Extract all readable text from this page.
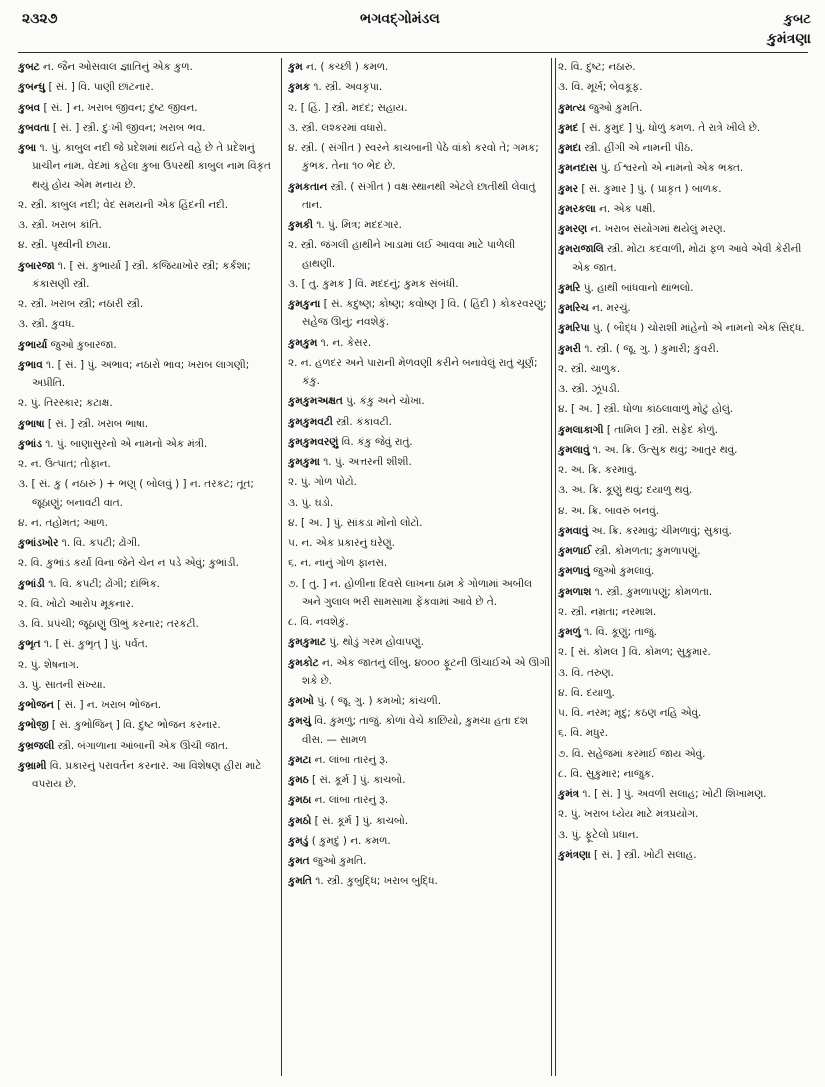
૨૩૨૭	ભગવદ્ગોમંડલ	કુબટ
કુમંત્રણા
કુબટ ન. જૈન ઓસવાલ જ્ઞાતિનું એક કુળ.
કુબન્ધુ [ સં. ] વિ. પાણી છાંટનાર.
કુબવ [ સં. ] ન. ખરાબ જીવન; દુષ્ટ જીવન.
કુબવતા [ સં. ] સ્ત્રી. દુઃખી જીવન; ખરાબ ભવ.
કુબા ૧. પું. કાબુલ નદી જે પ્રદેશમાં થઈને વહે છે તે પ્રદેશનું પ્રાચીન નામ. વેદમાં કહેલા કુબા ઉપરથી કાબુલ નામ વિકૃત થયું હોય એમ મનાય છે.
૨. સ્ત્રી. કાબુલ નદી; વેદ સમયની એક હિંદની નદી.
૩. સ્ત્રી. ખરાબ કાંતિ.
૪. સ્ત્રી. પૃથ્વીની છાયા.
કુબારજા ૧. [ સં. કુભાર્યા ] સ્ત્રી. કજિયાખોર સ્ત્રી; કર્કશા; કંકાસણી સ્ત્રી.
૨. સ્ત્રી. ખરાબ સ્ત્રી; નઠારી સ્ત્રી.
૩. સ્ત્રી. કુવધ.
કુભાર્યા જુઓ કુબારજા.
કુભાવ ૧. [ સં. ] પું. અભાવ; નઠારો ભાવ; ખરાબ લાગણી; અપ્રીતિ.
૨. પું. તિરસ્કાર; કટાક્ષ.
કુભાષા [ સં. ] સ્ત્રી. ખરાબ ભાષા.
કુભાંડ ૧. પું. બાણાસુરનો એ નામનો એક મંત્રી.
૨. ન. ઉત્પાત; તોફાન.
૩. [ સં. કુ ( નઠારું ) + ભણ્ ( બોલવું ) ] ન. તરકટ; તૂત; જૂઠાણું; બનાવટી વાત.
૪. ન. તહોમત; આળ.
કુભાંડખોર ૧. વિ. કપટી; ઢોંગી.
૨. વિ. કુભાંડ કર્યા વિના જેને ચેન ન પડે એવું; કુભાંડી.
કુભાંડી ૧. વિ. કપટી; ઢોંગી; દાંભિક.
૨. વિ. ખોટો આરોપ મૂકનાર.
૩. વિ. પ્રપંચી; જૂઠાણું ઊભું કરનાર; તરકટી.
કુભૃત ૧. [ સં. કુભૃત્ ] પું. પર્વત.
૨. પું. શેષનાગ.
૩. પું. સાતની સંખ્યા.
કુભોજન [ સં. ] ન. ખરાબ ભોજન.
કુભોજી [ સં. કુભોજિન્ ] વિ. દુષ્ટ ભોજન કરનાર.
કુભ્રજલી સ્ત્રી. બંગાળાના આંબાની એક ઊંચી જાત.
કુભ્રામી વિ. પ્રકારનું પરાવર્તન કરનાર. આ વિશેષણ હીરા માટે વપરાય છે.
કુમ ન. ( કચ્છી ) કમળ.
કુમક ૧. સ્ત્રી. અવકૃપા.
૨. [ હિં. ] સ્ત્રી. મદદ; સહાય.
૩. સ્ત્રી. લશ્કરમાં વધારો.
૪. સ્ત્રી. ( સંગીત ) સ્વરને કાચબાની પેઠે વાંકો કરવો તે; ગમક; કુંભક. તેના ૧૦ ભેદ છે.
કુમકતાન સ્ત્રી. ( સંગીત ) વક્ષઃસ્થાનથી એટલે છાતીથી લેવાતું તાન.
કુમકી ૧. પું. મિત્ર; મદદગાર.
૨. સ્ત્રી. જંગલી હાથીને ખાડામાં લઈ આવવા માટે પાળેલી હાથણી.
૩. [ તુ. કુમક ] વિ. મદદનું; કુમક સંબંધી.
કુમકુના [ સં. કદુષ્ણ; કોષ્ણ; કવોષ્ણ ] વિ. ( હિંદી ) કોકરવરણું; સહેજ ઊનું; નવશેકું.
કુમકુમ ૧. ન. કેસર.
૨. ન. હળદર અને પારાની મેળવણી કરીને બનાવેલું રાતું ચૂર્ણ; કંકુ.
કુમકુમઅક્ષત પું. કંકુ અને ચોખા.
કુમકુમવટી સ્ત્રી. કંકાવટી.
કુમકુમવરણું વિ. કંકુ જેવું રાતું.
કુમકુમા ૧. પું. અત્તરની શીશી.
૨. પું. ગોળ પોટો.
૩. પું. ઘડો.
૪. [ અ. ] પું. સાંકડા મોંનો લોટો.
૫. ન. એક પ્રકારનું ઘરેણું.
૬. ન. નાનું ગોળ ફાનસ.
૭. [ તુ. ] ન. હોળીના દિવસે લાખના ઠામ કે ગોળામાં અબીલ અને ગુલાલ ભરી સામસામા ફેંકવામાં આવે છે તે.
૮. વિ. નવશેકું.
કુમકુમાટ પું. થોડું ગરમ હોવાપણું.
કુમકોટ ન. એક જાતનું લીંબુ. ૪૦૦૦ ફૂટની ઊંચાઈએ એ ઊગી શકે છે.
કુમખો પું. ( જૂ. ગુ. ) કમખો; કાંચળી.
કુમચું વિ. કુમળું; તાજું. કોળાં વેચે કાછિયો, કુમચા હતા દશ વીસ. — સામળ
કુમટા ન. લાંબા તારનું રૂ.
કુમઠ [ સં. કૂર્મ ] પું. કાચબો.
કુમઠા ન. લાંબા તારનું રૂ.
કુમઠો [ સં. કૂર્મ ] પું. કાચબો.
કુમડું ( કુમદું ) ન. કમળ.
કુમત જુઓ કુમતિ.
કુમતિ ૧. સ્ત્રી. કુબુદ્ધિ; ખરાબ બુદ્ધિ.
૨. વિ. દુષ્ટ; નઠારું.
૩. વિ. મૂર્ખ; બેવકૂફ.
કુમત્ય જુઓ કુમતિ.
કુમદ [ સં. કુમુદ ] પું. ધોળું કમળ. તે રાત્રે ખીલે છે.
કુમદા સ્ત્રી. હીંગી એ નામની પીઠ.
કુમનદાસ પું. ઈશ્વરનો એ નામનો એક ભક્ત.
કુમર [ સં. કુમાર ] પું. ( પ્રાકૃત ) બાળક.
કુમરકલા ન. એક પક્ષી.
કુમરણ ન. ખરાબ સંયોગમાં થયેલું મરણ.
કુમરાજાલિ સ્ત્રી. મોટા કદવાળી, મોઢાં ફળ આવે એવી કેરીની એક જાત.
કુમરિ પું. હાથી બાંધવાનો થાંભલો.
કુમરિચ ન. મરચું.
કુમરિપા પું. ( બૌદ્ધ ) ચોરાશી માંહેનો એ નામનો એક સિદ્ધ.
કુમરી ૧. સ્ત્રી. ( જૂ. ગુ. ) કુમારી; કુંવરી.
૨. સ્ત્રી. ચાળુક.
૩. સ્ત્રી. ઝૂંપડી.
૪. [ અ. ] સ્ત્રી. ધોળા કાંઠલાવાળું મોટું હોલું.
કુમલાકાગી [ તામિલ ] સ્ત્રી. સફેદ કોળું.
કુમલાવું ૧. અ. ક્રિ. ઉત્સુક થવું; આતુર થવું.
૨. અ. ક્રિ. કરમાવું.
૩. અ. ક્રિ. કૂણું થવું; દયાળુ થવું.
૪. અ. ક્રિ. બાવરું બનવું.
કુમવાવું અ. ક્રિ. કરમાવું; ચીમળાવું; સુકાવું.
કુમળાઈ સ્ત્રી. કોમળતા; કુમળાપણું.
કુમળાવું જુઓ કુમલાવું.
કુમળાશ ૧. સ્ત્રી. કુમળાપણું; કોમળતા.
૨. સ્ત્રી. નમ્રતા; નરમાશ.
કુમળું ૧. વિ. કૂણું; તાજું.
૨. [ સં. કોમલ ] વિ. કોમળ; સુકુમાર.
૩. વિ. તરુણ.
૪. વિ. દયાળુ.
૫. વિ. નરમ; મૃદુ; કઠણ નહિ એવું.
૬. વિ. મધુર.
૭. વિ. સહેજમાં કરમાઈ જાય એવું.
૮. વિ. સુકુમાર; નાજુક.
કુમંત્ર ૧. [ સં. ] પું. અવળી સલાહ; ખોટી શિખામણ.
૨. પું. ખરાબ ધ્યેય માટે મંત્રપ્રયોગ.
૩. પું. ફૂટેલો પ્રધાન.
કુમંત્રણા [ સં. ] સ્ત્રી. ખોટી સલાહ.
